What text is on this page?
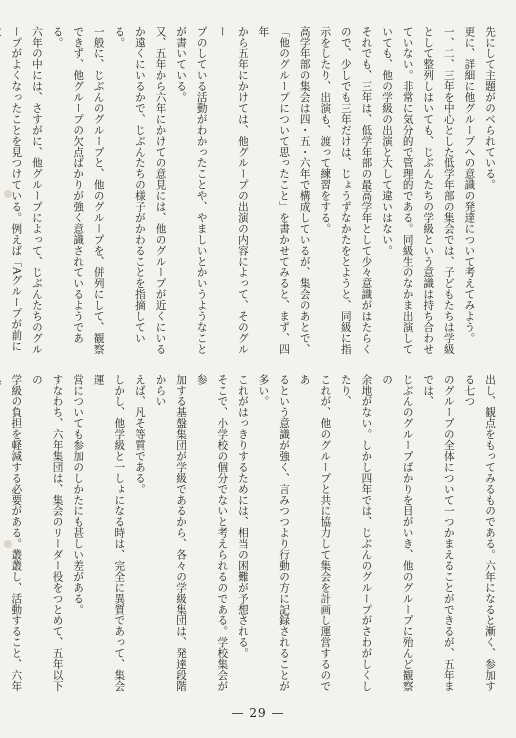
先にして主題がのべられている。
更に、詳細に他グループへの意識の発達について考えてみよう。
一、二、三年を中心とした低学年部の集会では、子どもたちは学級
として整列しはいても、じぶんたちの学級という意識は持ち合わせ
ていない。非常に気分的で管理的である。同級生のなかま出演して
いても、他の学級の出演と大して違いはない。
それでも、三年は、低学年部の最高学年として少々意識がはたらく
ので、少しでも三年だけは、じょうずなかたをとようと、同級に指
示をしたり、出演も、渡って練習をする。
高学年部の集会は四・五・六年で構成しているが、集会のあとで、
「他のグループについて思ったこと」を書かせてみると、まず、四年
から五年にかけては、他グループの出演の内容によって、そのグルー
プのしている活動がわかったことや、やましいとかいうようなこと
が書いている。
又、五年から六年にかけての意見には、他のグループが近くにいる
か遠くにいるかで、じぶんたちの様子がかわることを指摘している。
一般に、じぶんのグループと、他のグループを、併列にして、観察
できず、他グループの欠点ばかりが強く意識されているようである。
六年の中には、さすがに、他グループによって、じぶんたちのグル
ープがよくなったことを見つけている。例えば「Aグループが前に
出し、観点をもってみるものである。六年になると漸く、参加する七つ
のグループの全体について一つかまえることができるが、五年までは、
じぶんのグループばかりを目がいき、他のグループに殆んど観察の
余地がない。しかし四年では、じぶんのグループがさわがしくしたり、
これが、他のグループと共に協力して集会を計画し運営するのであ
るという意識が強く、言みつつより行動の方に記録されることが多い。
これがはっきりするためには、相当の困難が予想される。
そこで、小学校の個分でないと考えられるのである。学校集会が参
加する基盤集団が学級であるから、各々の学級集団は、発達段階からい
えば、凡そ等質である。
しかし、他学級と一しょになる時は、完全に異質であって、集会運
営についても参加のしかたにも甚しい差がある。
すなわち、六年集団は、集会のリーダー役をつとめて、五年以下の
学級の負担を軽減する必要がある。叢叢し、活動すること、六年
— 29 —
